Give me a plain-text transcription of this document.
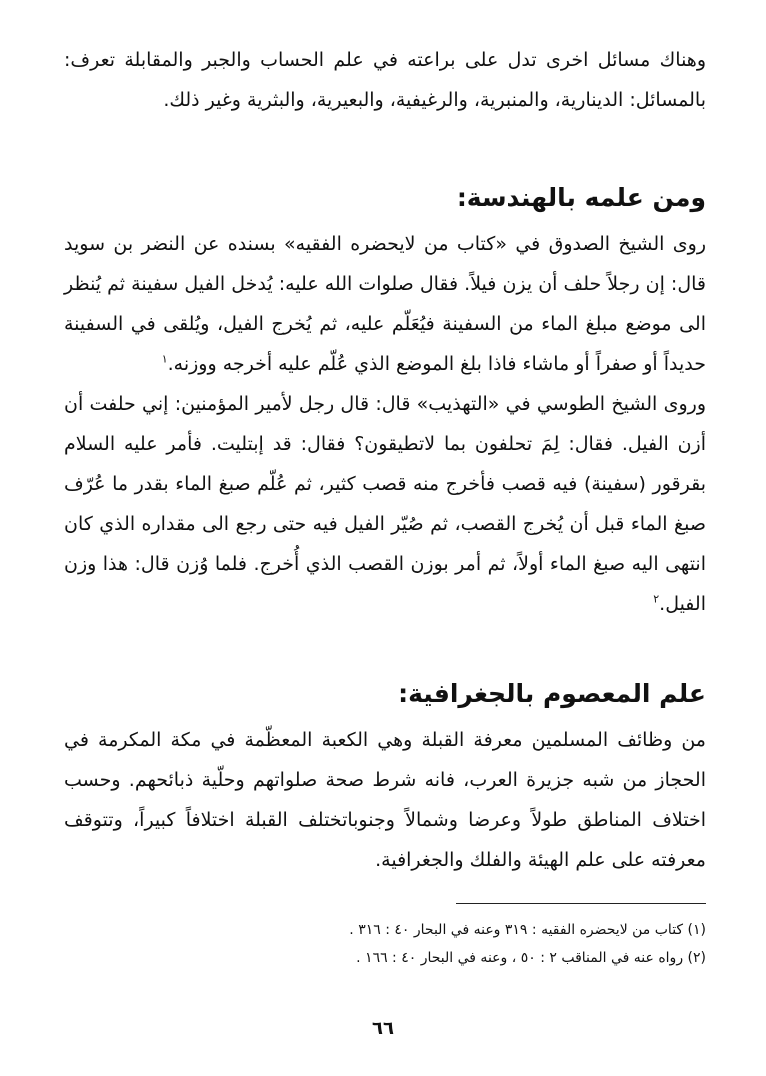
وهناك مسائل اخرى تدل على براعته في علم الحساب والجبر والمقابلة تعرف: بالمسائل: الدينارية، والمنبرية، والرغيفية، والبعيرية، والبثرية وغير ذلك.

ومن علمه بالهندسة:

روى الشيخ الصدوق في «كتاب من لايحضره الفقيه» بسنده عن النضر بن سويد قال: إن رجلاً حلف أن يزن فيلاً. فقال صلوات الله عليه: يُدخل الفيل سفينة ثم يُنظر الى موضع مبلغ الماء من السفينة فيُعَلّم عليه، ثم يُخرج الفيل، ويُلقى في السفينة حديداً أو صفراً أو ماشاء فاذا بلغ الموضع الذي عُلّم عليه أخرجه ووزنه.$^١$

وروى الشيخ الطوسي في «التهذيب» قال: قال رجل لأمير المؤمنين: إني حلفت أن أزن الفيل. فقال: لِمَ تحلفون بما لاتطيقون؟ فقال: قد إبتليت. فأمر عليه السلام بقرقور (سفينة) فيه قصب فأخرج منه قصب كثير، ثم عُلّم صبغ الماء بقدر ما عُرّف صبغ الماء قبل أن يُخرج القصب، ثم صُيّر الفيل فيه حتى رجع الى مقداره الذي كان انتهى اليه صبغ الماء أولاً، ثم أمر بوزن القصب الذي أُخرج. فلما وُزن قال: هذا وزن الفيل.$^٢$

علم المعصوم بالجغرافية:

من وظائف المسلمين معرفة القبلة وهي الكعبة المعظّمة في مكة المكرمة في الحجاز من شبه جزيرة العرب، فانه شرط صحة صلواتهم وحلّية ذبائحهم. وحسب اختلاف المناطق طولاً وعرضا وشمالاً وجنوباتختلف القبلة اختلافاً كبيراً، وتتوقف معرفته على علم الهيئة والفلك والجغرافية.

(١) كتاب من لايحضره الفقيه : ٣١٩ وعنه في البحار ٤٠ : ٣١٦ .

(٢) رواه عنه في المناقب ٢ : ٥٠ ، وعنه في البحار ٤٠ : ١٦٦ .

٦٦
